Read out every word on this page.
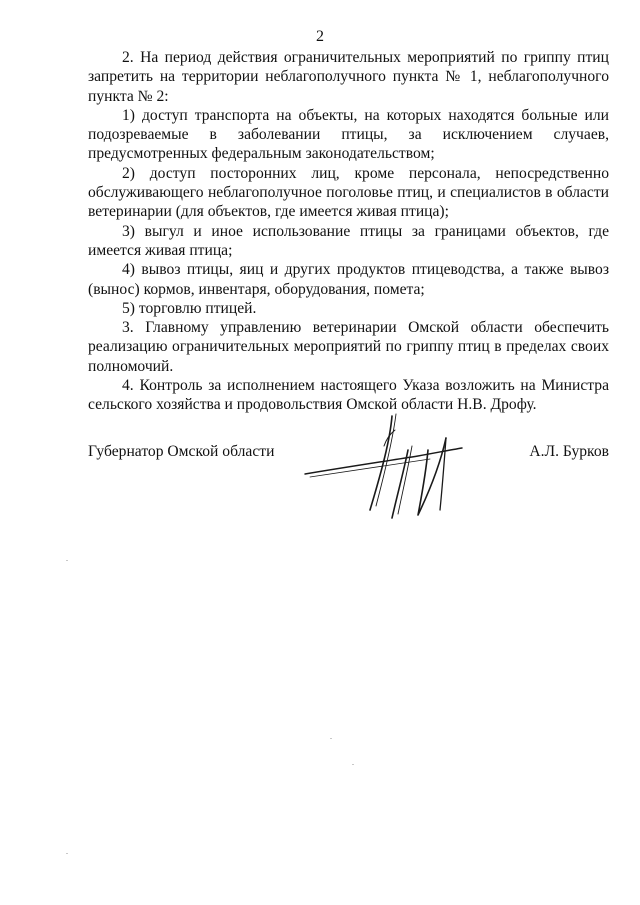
2

2. На период действия ограничительных мероприятий по гриппу птиц запретить на территории неблагополучного пункта № 1, неблагополучного пункта № 2:

1) доступ транспорта на объекты, на которых находятся больные или подозреваемые в заболевании птицы, за исключением случаев, предусмотренных федеральным законодательством;

2) доступ посторонних лиц, кроме персонала, непосредственно обслуживающего неблагополучное поголовье птиц, и специалистов в области ветеринарии (для объектов, где имеется живая птица);

3) выгул и иное использование птицы за границами объектов, где имеется живая птица;

4) вывоз птицы, яиц и других продуктов птицеводства, а также вывоз (вынос) кормов, инвентаря, оборудования, помета;

5) торговлю птицей.

3. Главному управлению ветеринарии Омской области обеспечить реализацию ограничительных мероприятий по гриппу птиц в пределах своих полномочий.

4. Контроль за исполнением настоящего Указа возложить на Министра сельского хозяйства и продовольствия Омской области Н.В. Дрофу.

Губернатор Омской области	А.Л. Бурков
